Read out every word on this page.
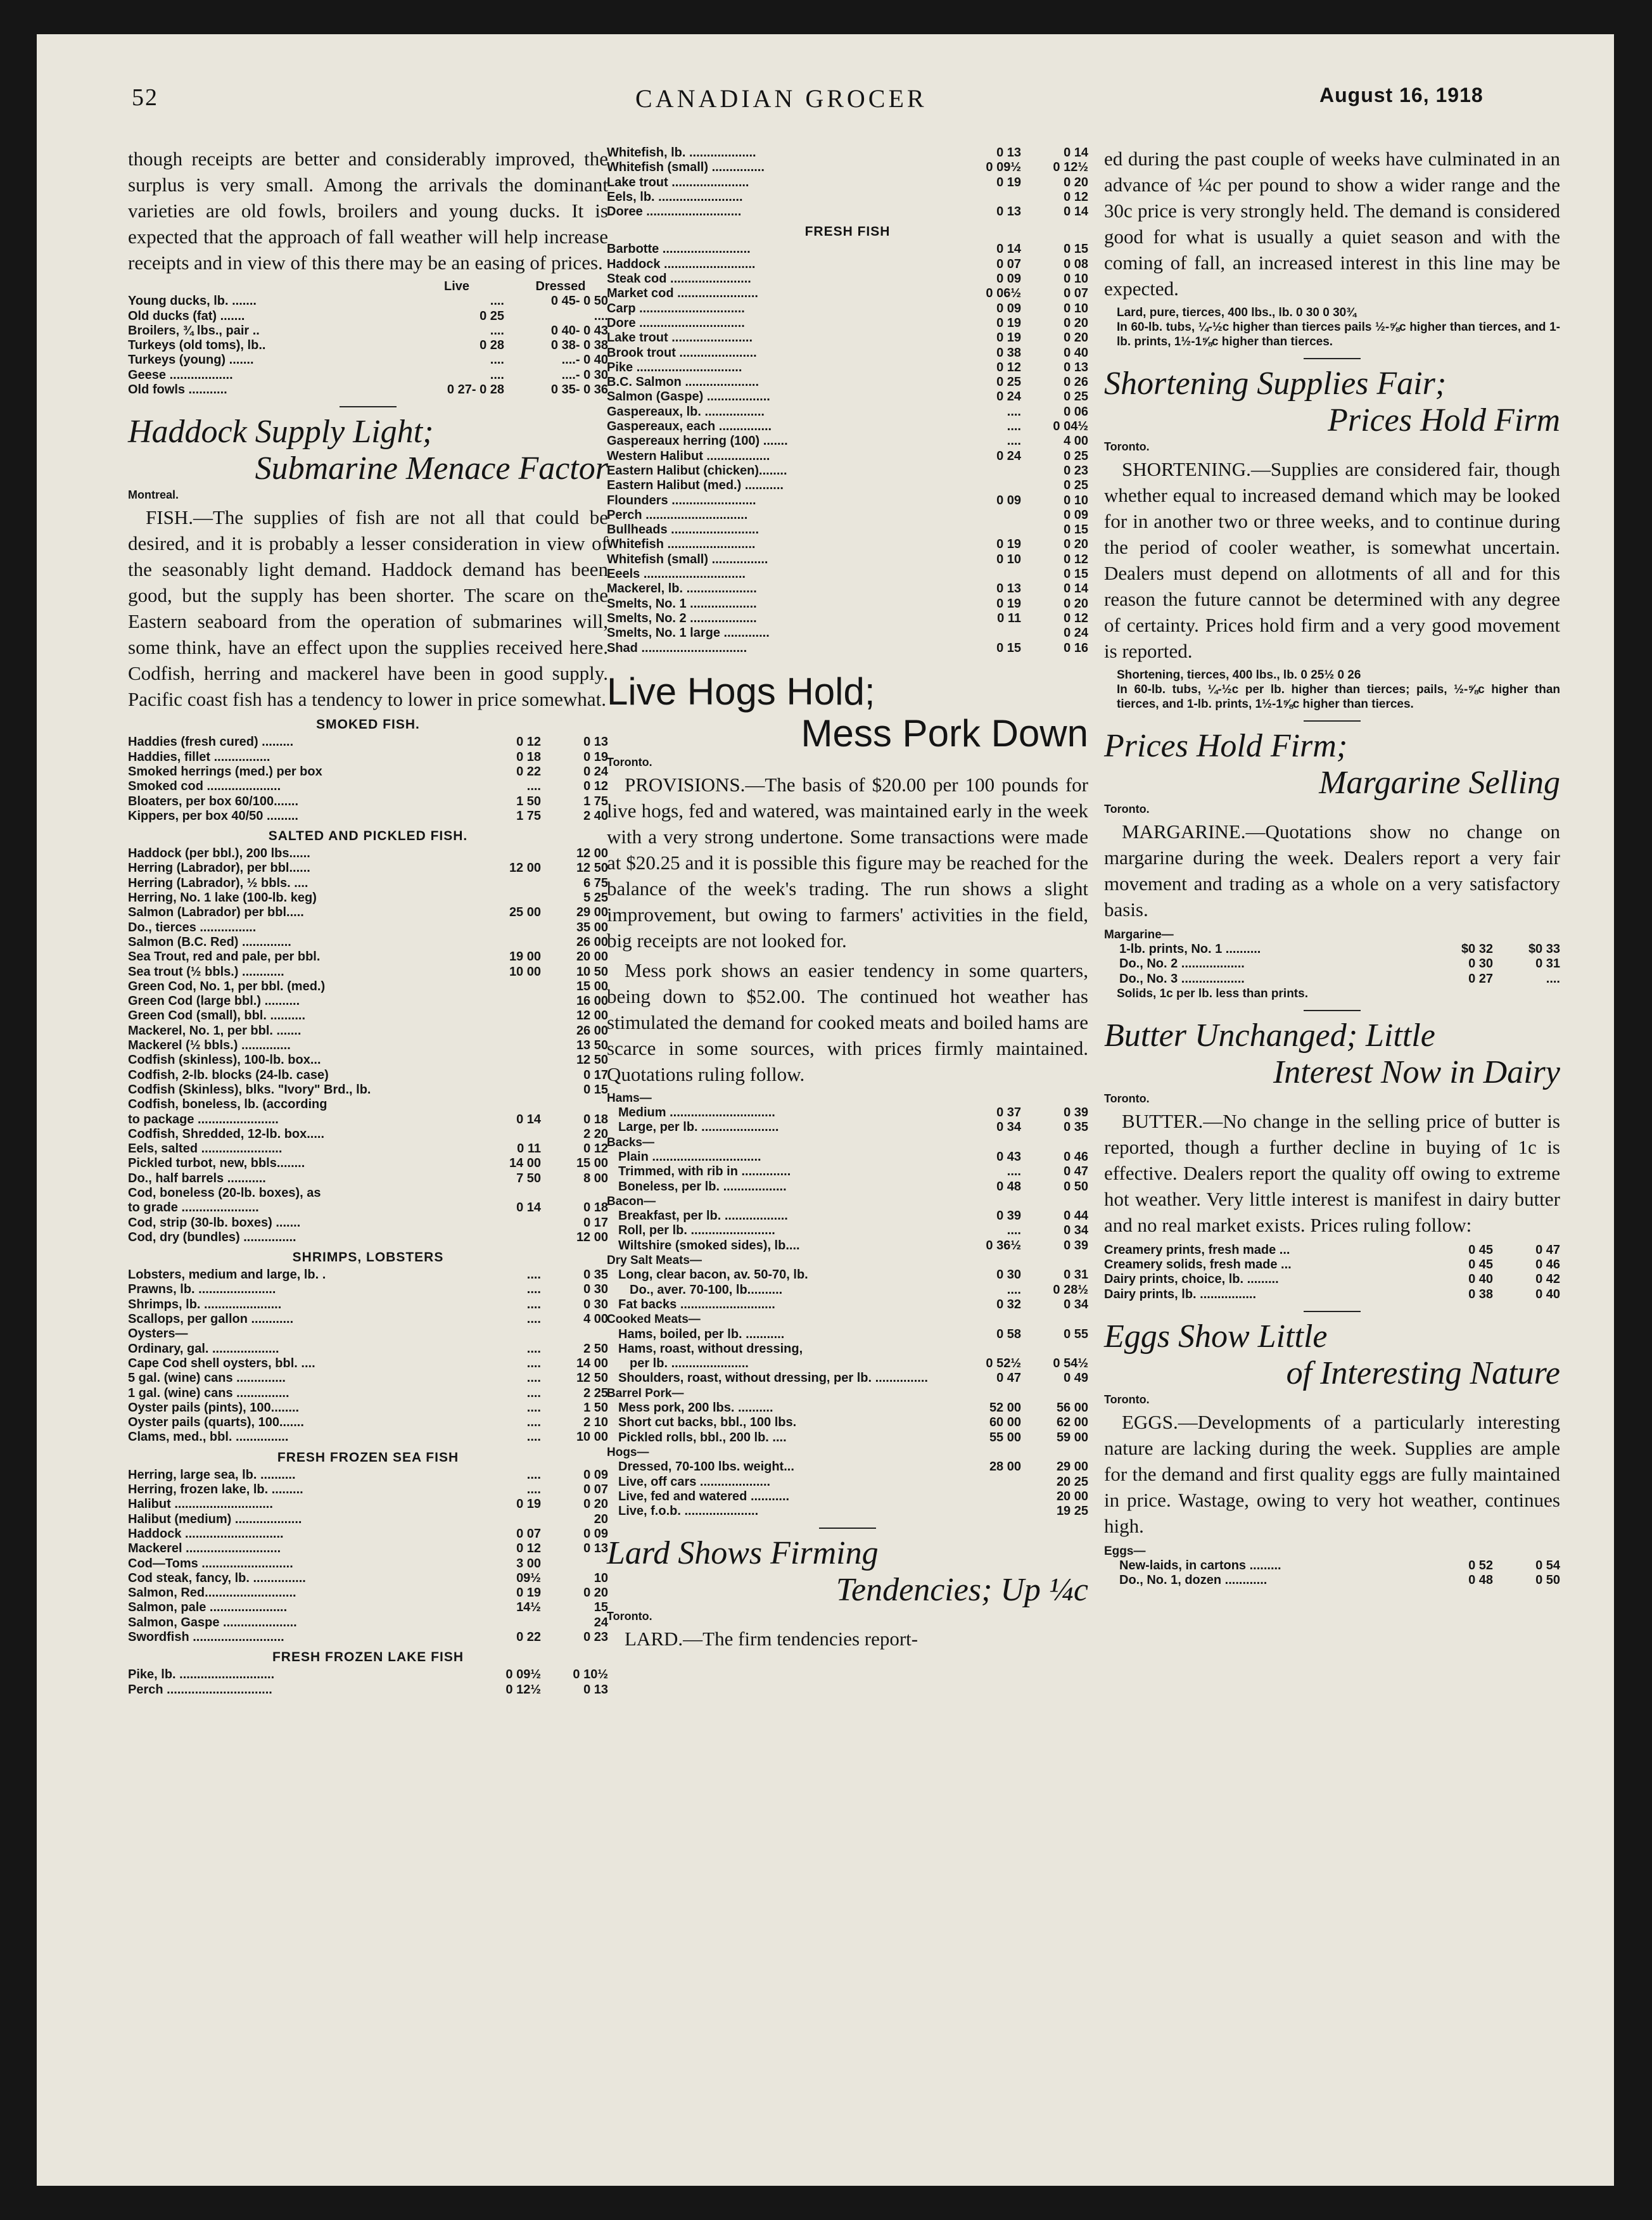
52	CANADIAN GROCER	August 16, 1918
though receipts are better and considerably improved, the surplus is very small. Among the arrivals the dominant varieties are old fowls, broilers and young ducks. It is expected that the approach of fall weather will help increase receipts and in view of this there may be an easing of prices.
	Live	Dressed
Young ducks, lb. .......	....	0 45- 0 50
Old ducks (fat) .......	0 25	....
Broilers, ¾ lbs., pair ..	....	0 40- 0 43
Turkeys (old toms), lb..	0 28	0 38- 0 38
Turkeys (young) .......	....	....- 0 40
Geese ..................	....	....- 0 30
Old fowls ...........	0 27- 0 28	0 35- 0 36
Haddock Supply Light;
Submarine Menace Factor
Montreal.
FISH.—The supplies of fish are not all that could be desired, and it is probably a lesser consideration in view of the seasonably light demand. Haddock demand has been good, but the supply has been shorter. The scare on the Eastern seaboard from the operation of submarines will, some think, have an effect upon the supplies received here. Codfish, herring and mackerel have been in good supply. Pacific coast fish has a tendency to lower in price somewhat.
SMOKED FISH.
Haddies (fresh cured) .........	0 12	0 13
Haddies, fillet ................	0 18	0 19
Smoked herrings (med.) per box	0 22	0 24
Smoked cod .....................	....	0 12
Bloaters, per box 60/100.......	1 50	1 75
Kippers, per box 40/50 .........	1 75	2 40
SALTED AND PICKLED FISH.
Haddock (per bbl.), 200 lbs......		12 00
Herring (Labrador), per bbl......	12 00	12 50
Herring (Labrador), ½ bbls. ....		6 75
Herring, No. 1 lake (100-lb. keg)		5 25
Salmon (Labrador) per bbl.....	25 00	29 00
Do., tierces ................		35 00
Salmon (B.C. Red) ..............		26 00
Sea Trout, red and pale, per bbl.	19 00	20 00
Sea trout (½ bbls.) ............	10 00	10 50
Green Cod, No. 1, per bbl. (med.)		15 00
Green Cod (large bbl.) ..........		16 00
Green Cod (small), bbl. ..........		12 00
Mackerel, No. 1, per bbl. .......		26 00
Mackerel (½ bbls.) ..............		13 50
Codfish (skinless), 100-lb. box...		12 50
Codfish, 2-lb. blocks (24-lb. case)		0 17
Codfish (Skinless), blks. "Ivory" Brd., lb.		0 15
Codfish, boneless, lb. (according		
to package .......................	0 14	0 18
Codfish, Shredded, 12-lb. box.....		2 20
Eels, salted .......................	0 11	0 12
Pickled turbot, new, bbls........	14 00	15 00
Do., half barrels ...........	7 50	8 00
Cod, boneless (20-lb. boxes), as		
to grade ......................	0 14	0 18
Cod, strip (30-lb. boxes) .......		0 17
Cod, dry (bundles) ...............		12 00
SHRIMPS, LOBSTERS
Lobsters, medium and large, lb. .	....	0 35
Prawns, lb. ......................	....	0 30
Shrimps, lb. ......................	....	0 30
Scallops, per gallon ............	....	4 00
Oysters—		
Ordinary, gal. ...................	....	2 50
Cape Cod shell oysters, bbl. ....	....	14 00
5 gal. (wine) cans ..............	....	12 50
1 gal. (wine) cans ...............	....	2 25
Oyster pails (pints), 100........	....	1 50
Oyster pails (quarts), 100.......	....	2 10
Clams, med., bbl. ...............	....	10 00
FRESH FROZEN SEA FISH
Herring, large sea, lb. ..........	....	0 09
Herring, frozen lake, lb. .........	....	0 07
Halibut ............................	0 19	0 20
Halibut (medium) ...................		20
Haddock ............................	0 07	0 09
Mackerel ...........................	0 12	0 13
Cod—Toms ..........................	3 00	
Cod steak, fancy, lb. ...............	09½	10
Salmon, Red..........................	0 19	0 20
Salmon, pale ......................	14½	15
Salmon, Gaspe .....................		24
Swordfish ..........................	0 22	0 23
FRESH FROZEN LAKE FISH
Pike, lb. ...........................	0 09½	0 10½
Perch ..............................	0 12½	0 13
Whitefish, lb. ...................	0 13	0 14
Whitefish (small) ...............	0 09½	0 12½
Lake trout ......................	0 19	0 20
Eels, lb. ........................		0 12
Doree ...........................	0 13	0 14
FRESH FISH
Barbotte .........................	0 14	0 15
Haddock ..........................	0 07	0 08
Steak cod .......................	0 09	0 10
Market cod .......................	0 06½	0 07
Carp ..............................	0 09	0 10
Dore ..............................	0 19	0 20
Lake trout .......................	0 19	0 20
Brook trout ......................	0 38	0 40
Pike ..............................	0 12	0 13
B.C. Salmon .....................	0 25	0 26
Salmon (Gaspe) ..................	0 24	0 25
Gaspereaux, lb. .................	....	0 06
Gaspereaux, each ...............	....	0 04½
Gaspereaux herring (100) .......	....	4 00
Western Halibut ..................	0 24	0 25
Eastern Halibut (chicken)........		0 23
Eastern Halibut (med.) ...........		0 25
Flounders ........................	0 09	0 10
Perch .............................		0 09
Bullheads .........................		0 15
Whitefish .........................	0 19	0 20
Whitefish (small) ................	0 10	0 12
Eeels .............................		0 15
Mackerel, lb. ....................	0 13	0 14
Smelts, No. 1 ...................	0 19	0 20
Smelts, No. 2 ...................	0 11	0 12
Smelts, No. 1 large .............		0 24
Shad ..............................	0 15	0 16
Live Hogs Hold;
Mess Pork Down
Toronto.
PROVISIONS.—The basis of $20.00 per 100 pounds for live hogs, fed and watered, was maintained early in the week with a very strong undertone. Some transactions were made at $20.25 and it is possible this figure may be reached for the balance of the week's trading. The run shows a slight improvement, but owing to farmers' activities in the field, big receipts are not looked for.
Mess pork shows an easier tendency in some quarters, being down to $52.00. The continued hot weather has stimulated the demand for cooked meats and boiled hams are scarce in some sources, with prices firmly maintained. Quotations ruling follow.
Hams—		
Medium ..............................	0 37	0 39
Large, per lb. ......................	0 34	0 35
Backs—		
Plain ...............................	0 43	0 46
Trimmed, with rib in ..............	....	0 47
Boneless, per lb. ..................	0 48	0 50
Bacon—		
Breakfast, per lb. ..................	0 39	0 44
Roll, per lb. ........................	....	0 34
Wiltshire (smoked sides), lb....	0 36½	0 39
Dry Salt Meats—		
Long, clear bacon, av. 50-70, lb.	0 30	0 31
Do., aver. 70-100, lb..........	....	0 28½
Fat backs ...........................	0 32	0 34
Cooked Meats—		
Hams, boiled, per lb. ...........	0 58	0 55
Hams, roast, without dressing,		
per lb. ......................	0 52½	0 54½
Shoulders, roast, without dressing, per lb. ...............	0 47	0 49
Barrel Pork—		
Mess pork, 200 lbs. ..........	52 00	56 00
Short cut backs, bbl., 100 lbs.	60 00	62 00
Pickled rolls, bbl., 200 lb. ....	55 00	59 00
Hogs—		
Dressed, 70-100 lbs. weight...	28 00	29 00
Live, off cars ....................		20 25
Live, fed and watered ...........		20 00
Live, f.o.b. .....................		19 25
Lard Shows Firming
Tendencies; Up ¼c
Toronto.
LARD.—The firm tendencies report-
ed during the past couple of weeks have culminated in an advance of ¼c per pound to show a wider range and the 30c price is very strongly held. The demand is considered good for what is usually a quiet season and with the coming of fall, an increased interest in this line may be expected.
Lard, pure, tierces, 400 lbs., lb. 0 30 0 30¾
In 60-lb. tubs, ¼-½c higher than tierces pails ½-⅝c higher than tierces, and 1-lb. prints, 1½-1⅝c higher than tierces.
Shortening Supplies Fair;
Prices Hold Firm
Toronto.
SHORTENING.—Supplies are considered fair, though whether equal to increased demand which may be looked for in another two or three weeks, and to continue during the period of cooler weather, is somewhat uncertain. Dealers must depend on allotments of all and for this reason the future cannot be determined with any degree of certainty. Prices hold firm and a very good movement is reported.
Shortening, tierces, 400 lbs., lb. 0 25½ 0 26
In 60-lb. tubs, ¼-½c per lb. higher than tierces; pails, ½-⅝c higher than tierces, and 1-lb. prints, 1½-1⅝c higher than tierces.
Prices Hold Firm;
Margarine Selling
Toronto.
MARGARINE.—Quotations show no change on margarine during the week. Dealers report a very fair movement and trading as a whole on a very satisfactory basis.
Margarine—
1-lb. prints, No. 1 ..........	$0 32	$0 33
Do., No. 2 ..................	0 30	0 31
Do., No. 3 ..................	0 27	....
Solids, 1c per lb. less than prints.
Butter Unchanged; Little
Interest Now in Dairy
Toronto.
BUTTER.—No change in the selling price of butter is reported, though a further decline in buying of 1c is effective. Dealers report the quality off owing to extreme hot weather. Very little interest is manifest in dairy butter and no real market exists. Prices ruling follow:
Creamery prints, fresh made ...	0 45	0 47
Creamery solids, fresh made ...	0 45	0 46
Dairy prints, choice, lb. .........	0 40	0 42
Dairy prints, lb. ................	0 38	0 40
Eggs Show Little
of Interesting Nature
Toronto.
EGGS.—Developments of a particularly interesting nature are lacking during the week. Supplies are ample for the demand and first quality eggs are fully maintained in price. Wastage, owing to very hot weather, continues high.
Eggs—
New-laids, in cartons .........	0 52	0 54
Do., No. 1, dozen ............	0 48	0 50
